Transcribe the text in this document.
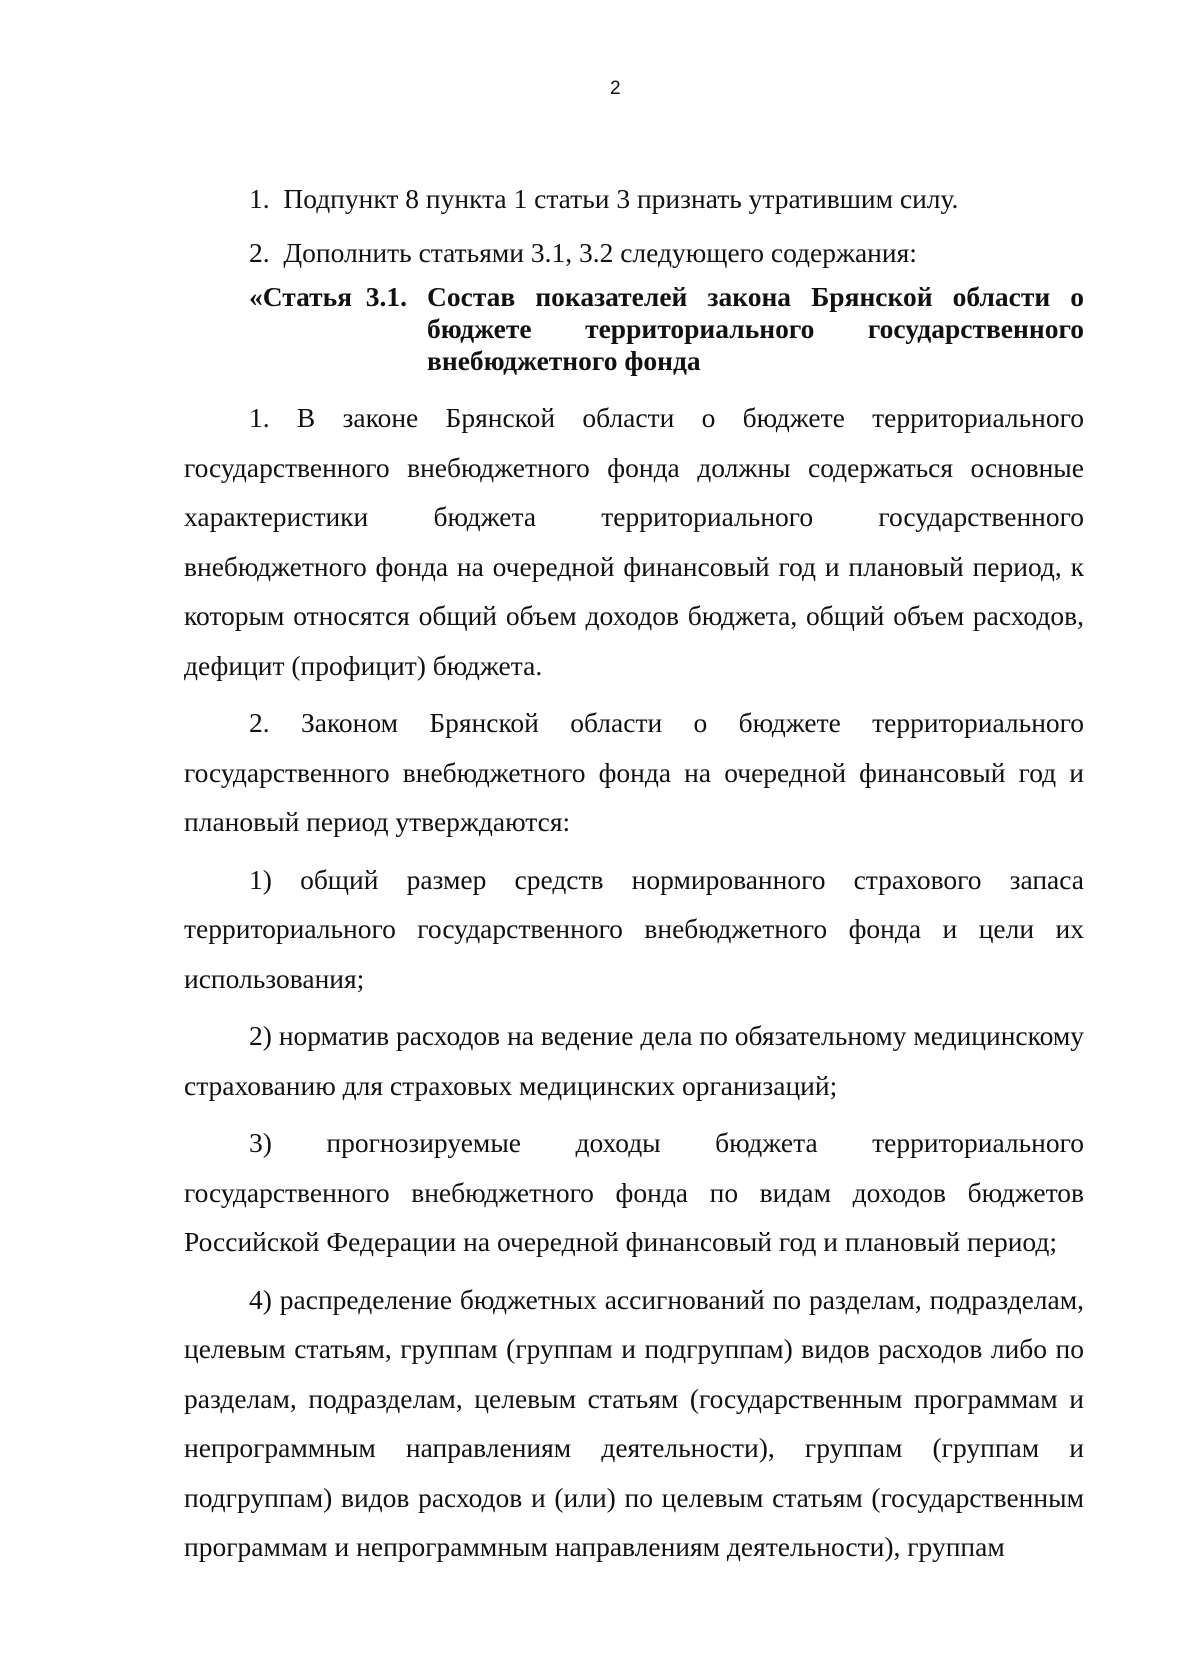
2

1. Подпункт 8 пункта 1 статьи 3 признать утратившим силу.

2. Дополнить статьями 3.1, 3.2 следующего содержания:

«Статья 3.1. Состав показателей закона Брянской области о бюджете территориального государственного внебюджетного фонда

1. В законе Брянской области о бюджете территориального государственного внебюджетного фонда должны содержаться основные характеристики бюджета территориального государственного внебюджетного фонда на очередной финансовый год и плановый период, к которым относятся общий объем доходов бюджета, общий объем расходов, дефицит (профицит) бюджета.

2. Законом Брянской области о бюджете территориального государственного внебюджетного фонда на очередной финансовый год и плановый период утверждаются:

1) общий размер средств нормированного страхового запаса территориального государственного внебюджетного фонда и цели их использования;

2) норматив расходов на ведение дела по обязательному медицинскому страхованию для страховых медицинских организаций;

3) прогнозируемые доходы бюджета территориального государственного внебюджетного фонда по видам доходов бюджетов Российской Федерации на очередной финансовый год и плановый период;

4) распределение бюджетных ассигнований по разделам, подразделам, целевым статьям, группам (группам и подгруппам) видов расходов либо по разделам, подразделам, целевым статьям (государственным программам и непрограммным направлениям деятельности), группам (группам и подгруппам) видов расходов и (или) по целевым статьям (государственным программам и непрограммным направлениям деятельности), группам
